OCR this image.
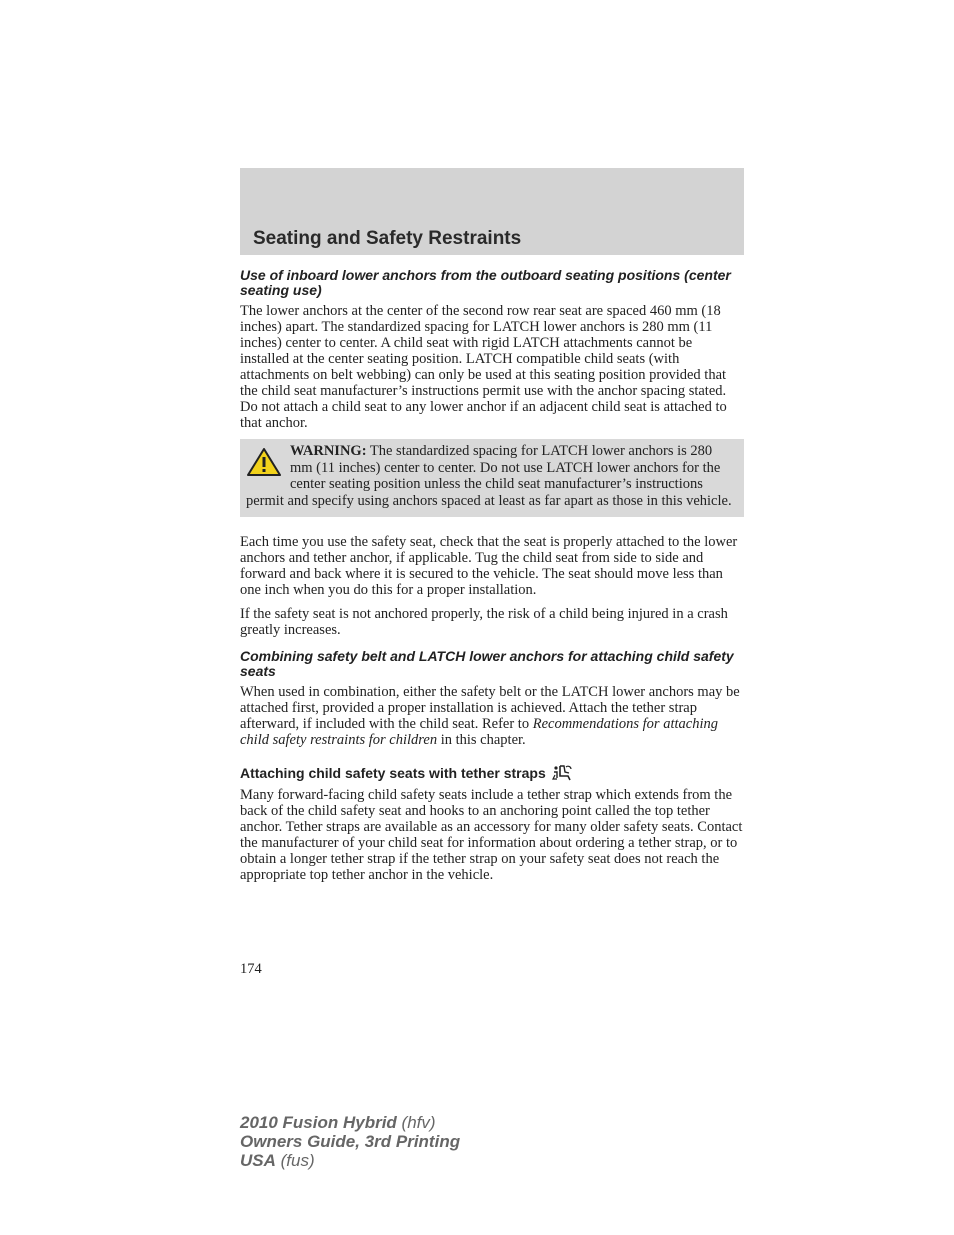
Seating and Safety Restraints
Use of inboard lower anchors from the outboard seating positions (center seating use)

The lower anchors at the center of the second row rear seat are spaced 460 mm (18 inches) apart. The standardized spacing for LATCH lower anchors is 280 mm (11 inches) center to center. A child seat with rigid LATCH attachments cannot be installed at the center seating position. LATCH compatible child seats (with attachments on belt webbing) can only be used at this seating position provided that the child seat manufacturer’s instructions permit use with the anchor spacing stated. Do not attach a child seat to any lower anchor if an adjacent child seat is attached to that anchor.

WARNING: The standardized spacing for LATCH lower anchors is 280 mm (11 inches) center to center. Do not use LATCH lower anchors for the center seating position unless the child seat manufacturer’s instructions permit and specify using anchors spaced at least as far apart as those in this vehicle.

Each time you use the safety seat, check that the seat is properly attached to the lower anchors and tether anchor, if applicable. Tug the child seat from side to side and forward and back where it is secured to the vehicle. The seat should move less than one inch when you do this for a proper installation.

If the safety seat is not anchored properly, the risk of a child being injured in a crash greatly increases.

Combining safety belt and LATCH lower anchors for attaching child safety seats

When used in combination, either the safety belt or the LATCH lower anchors may be attached first, provided a proper installation is achieved. Attach the tether strap afterward, if included with the child seat. Refer to Recommendations for attaching child safety restraints for children in this chapter.

Attaching child safety seats with tether straps

Many forward-facing child safety seats include a tether strap which extends from the back of the child safety seat and hooks to an anchoring point called the top tether anchor. Tether straps are available as an accessory for many older safety seats. Contact the manufacturer of your child seat for information about ordering a tether strap, or to obtain a longer tether strap if the tether strap on your safety seat does not reach the appropriate top tether anchor in the vehicle.

174
2010 Fusion Hybrid (hfv)
Owners Guide, 3rd Printing
USA (fus)
